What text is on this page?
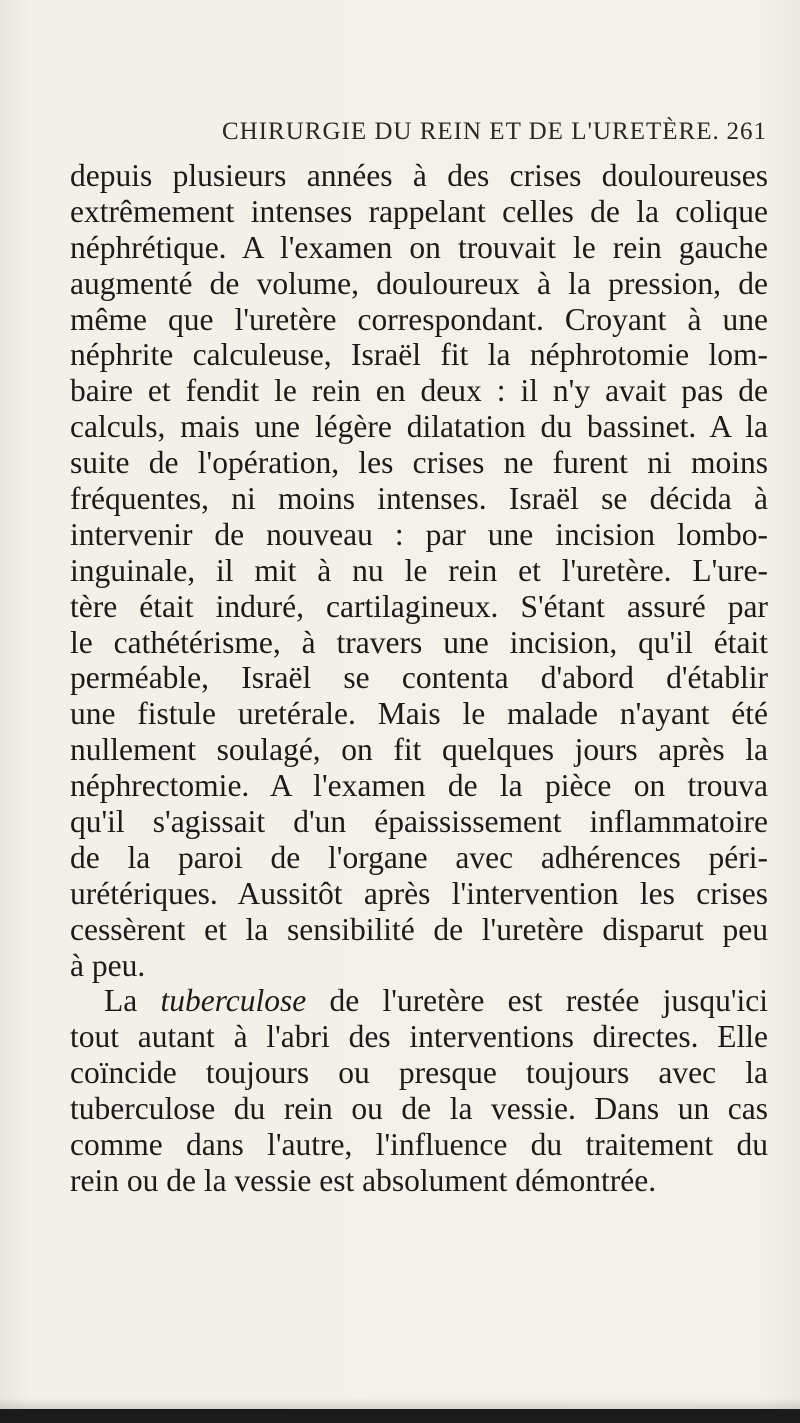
CHIRURGIE DU REIN ET DE L'URETÈRE. 261
depuis plusieurs années à des crises douloureuses
extrêmement intenses rappelant celles de la colique
néphrétique. A l'examen on trouvait le rein gauche
augmenté de volume, douloureux à la pression, de
même que l'uretère correspondant. Croyant à une
néphrite calculeuse, Israël fit la néphrotomie lom-
baire et fendit le rein en deux : il n'y avait pas de
calculs, mais une légère dilatation du bassinet. A la
suite de l'opération, les crises ne furent ni moins
fréquentes, ni moins intenses. Israël se décida à
intervenir de nouveau : par une incision lombo-
inguinale, il mit à nu le rein et l'uretère. L'ure-
tère était induré, cartilagineux. S'étant assuré par
le cathétérisme, à travers une incision, qu'il était
perméable, Israël se contenta d'abord d'établir
une fistule uretérale. Mais le malade n'ayant été
nullement soulagé, on fit quelques jours après la
néphrectomie. A l'examen de la pièce on trouva
qu'il s'agissait d'un épaississement inflammatoire
de la paroi de l'organe avec adhérences péri-
urétériques. Aussitôt après l'intervention les crises
cessèrent et la sensibilité de l'uretère disparut peu
à peu.
La tuberculose de l'uretère est restée jusqu'ici
tout autant à l'abri des interventions directes. Elle
coïncide toujours ou presque toujours avec la
tuberculose du rein ou de la vessie. Dans un cas
comme dans l'autre, l'influence du traitement du
rein ou de la vessie est absolument démontrée.
